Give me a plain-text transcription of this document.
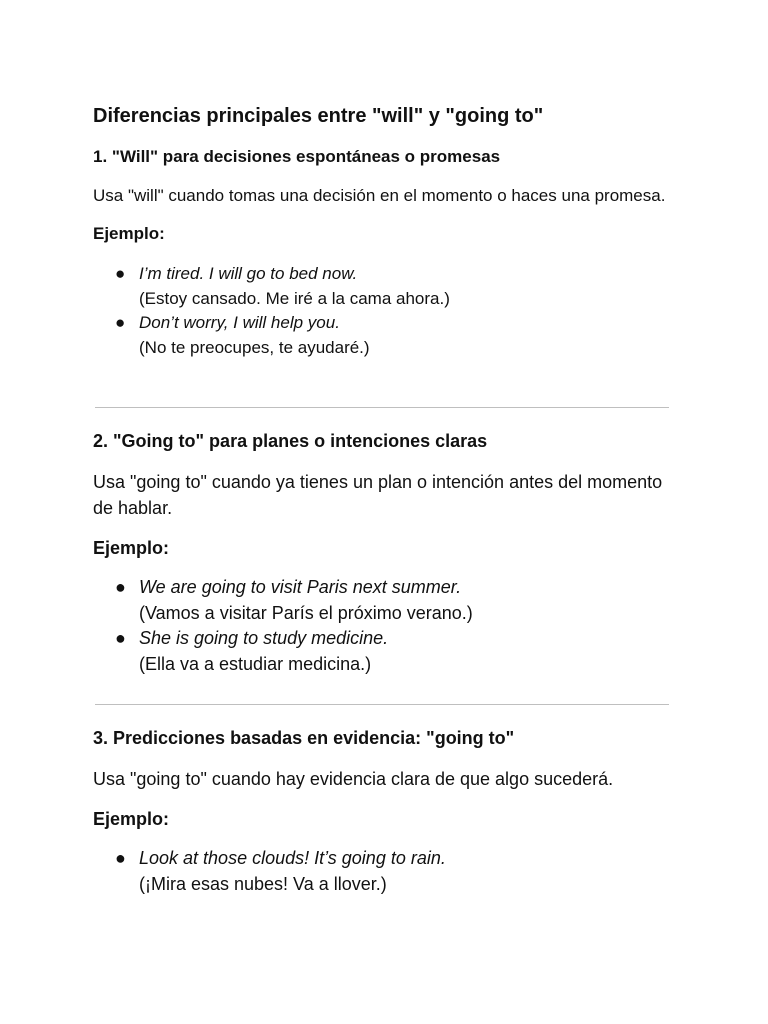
Diferencias principales entre "will" y "going to"
1. "Will" para decisiones espontáneas o promesas

Usa "will" cuando tomas una decisión en el momento o haces una promesa.

Ejemplo:

● I’m tired. I will go to bed now.
(Estoy cansado. Me iré a la cama ahora.)
● Don’t worry, I will help you.
(No te preocupes, te ayudaré.)
2. "Going to" para planes o intenciones claras

Usa "going to" cuando ya tienes un plan o intención antes del momento de hablar.

Ejemplo:

● We are going to visit Paris next summer.
(Vamos a visitar París el próximo verano.)
● She is going to study medicine.
(Ella va a estudiar medicina.)
3. Predicciones basadas en evidencia: "going to"

Usa "going to" cuando hay evidencia clara de que algo sucederá.

Ejemplo:

● Look at those clouds! It’s going to rain.
(¡Mira esas nubes! Va a llover.)
